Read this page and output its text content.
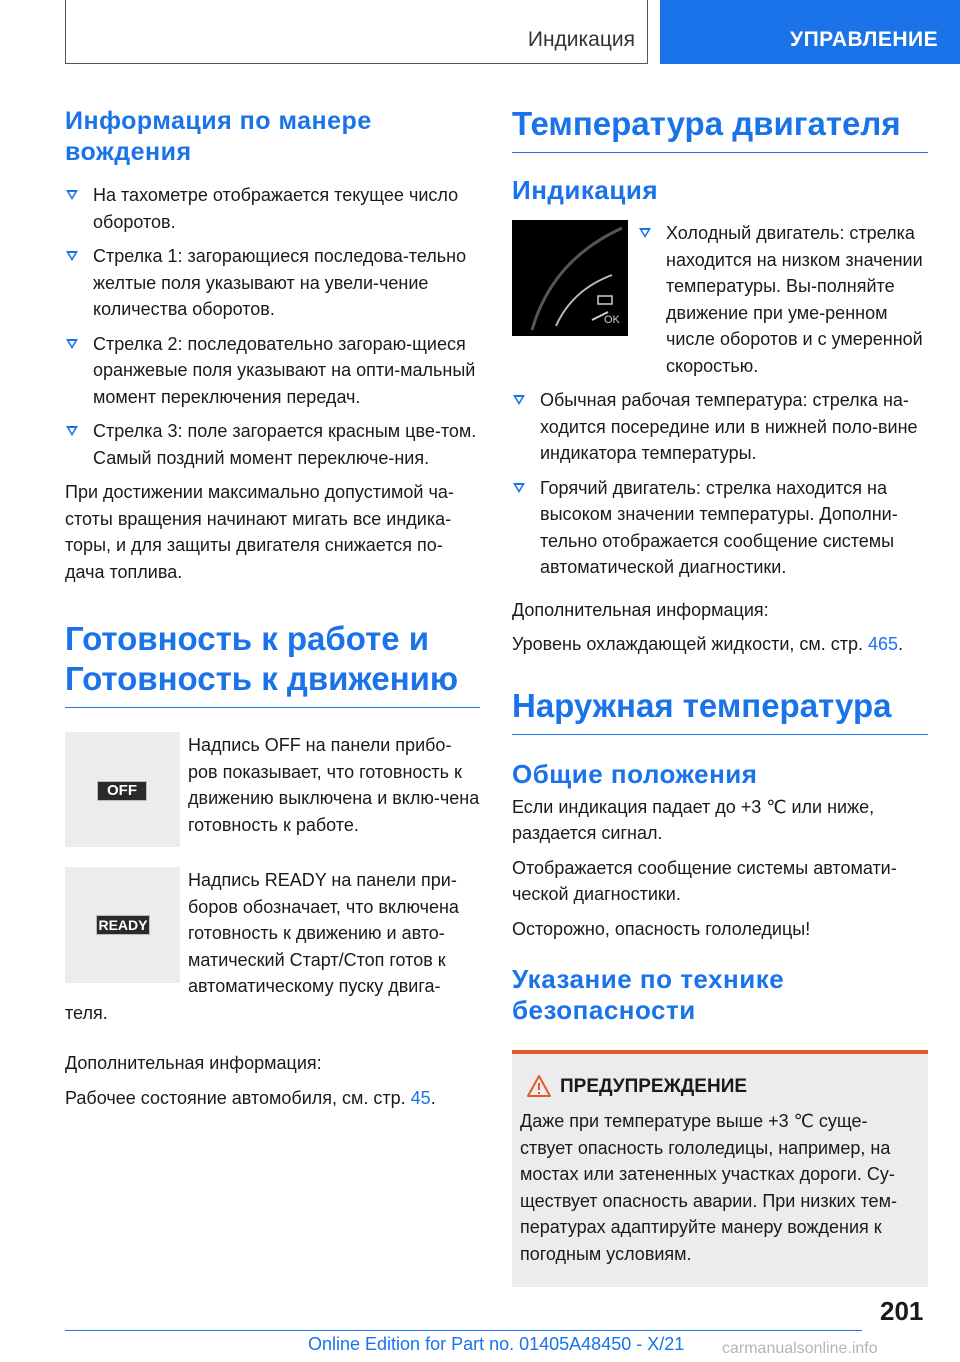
Индикация	УПРАВЛЕНИЕ
Информация по манере вождения
На тахометре отображается текущее число оборотов.
Стрелка 1: загорающиеся последова-тельно желтые поля указывают на увели-чение количества оборотов.
Стрелка 2: последовательно загораю-щиеся оранжевые поля указывают на опти-мальный момент переключения передач.
Стрелка 3: поле загорается красным цве-том. Самый поздний момент переключе-ния.

При достижении максимально допустимой ча-стоты вращения начинают мигать все индика-торы, и для защиты двигателя снижается по-дача топлива.

Готовность к работе и Готовность к движению
OFF

Надпись OFF на панели прибо-ров показывает, что готовность к движению выключена и вклю-чена готовность к работе.

READY

Надпись READY на панели при-боров обозначает, что включена готовность к движению и авто-матический Старт/Стоп готов к автоматическому пуску двига-теля.

Дополнительная информация:

Рабочее состояние автомобиля, см. стр. 45.

Температура двигателя
Индикация
OK
Холодный двигатель: стрелка находится на низком значении температуры. Вы-полняйте движение при уме-ренном числе оборотов и с умеренной скоростью.
Обычная рабочая температура: стрелка на-ходится посередине или в нижней поло-вине индикатора температуры.
Горячий двигатель: стрелка находится на высоком значении температуры. Дополни-тельно отображается сообщение системы автоматической диагностики.

Дополнительная информация:

Уровень охлаждающей жидкости, см. стр. 465.

Наружная температура
Общие положения

Если индикация падает до +3 ℃ или ниже, раздается сигнал.

Отображается сообщение системы автомати-ческой диагностики.

Осторожно, опасность гололедицы!

Указание по технике безопасности
ПРЕДУПРЕЖДЕНИЕ

Даже при температуре выше +3 ℃ суще-ствует опасность гололедицы, например, на мостах или затененных участках дороги. Су-ществует опасность аварии. При низких тем-пературах адаптируйте манеру вождения к погодным условиям.

201
Online Edition for Part no. 01405A48450 - X/21 carmanualsonline.info
